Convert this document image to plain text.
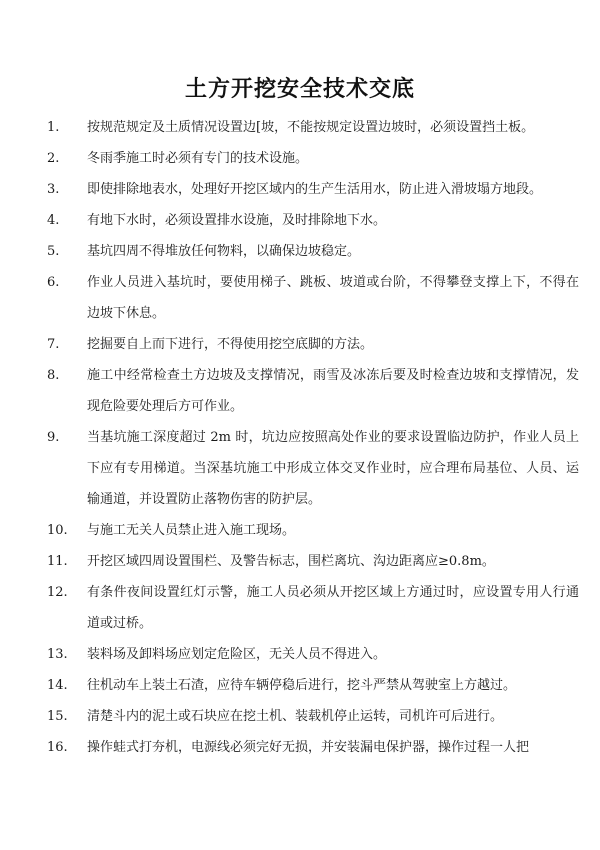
土方开挖安全技术交底
1. 按规范规定及土质情况设置边[坡，不能按规定设置边坡时，必须设置挡土板。
2. 冬雨季施工时必须有专门的技术设施。
3. 即使排除地表水，处理好开挖区域内的生产生活用水，防止进入滑坡塌方地段。
4. 有地下水时，必须设置排水设施，及时排除地下水。
5. 基坑四周不得堆放任何物料，以确保边坡稳定。
6. 作业人员进入基坑时，要使用梯子、跳板、坡道或台阶，不得攀登支撑上下，不得在边坡下休息。
7. 挖掘要自上而下进行，不得使用挖空底脚的方法。
8. 施工中经常检查土方边坡及支撑情况，雨雪及冰冻后要及时检查边坡和支撑情况，发现危险要处理后方可作业。
9. 当基坑施工深度超过 2m 时，坑边应按照高处作业的要求设置临边防护，作业人员上下应有专用梯道。当深基坑施工中形成立体交叉作业时，应合理布局基位、人员、运输通道，并设置防止落物伤害的防护层。
10. 与施工无关人员禁止进入施工现场。
11. 开挖区域四周设置围栏、及警告标志，围栏离坑、沟边距离应≥0.8m。
12. 有条件夜间设置红灯示警，施工人员必须从开挖区域上方通过时，应设置专用人行通道或过桥。
13. 装料场及卸料场应划定危险区，无关人员不得进入。
14. 往机动车上装土石渣，应待车辆停稳后进行，挖斗严禁从驾驶室上方越过。
15. 清楚斗内的泥土或石块应在挖土机、装载机停止运转，司机许可后进行。
16. 操作蛙式打夯机，电源线必须完好无损，并安装漏电保护器，操作过程一人把
